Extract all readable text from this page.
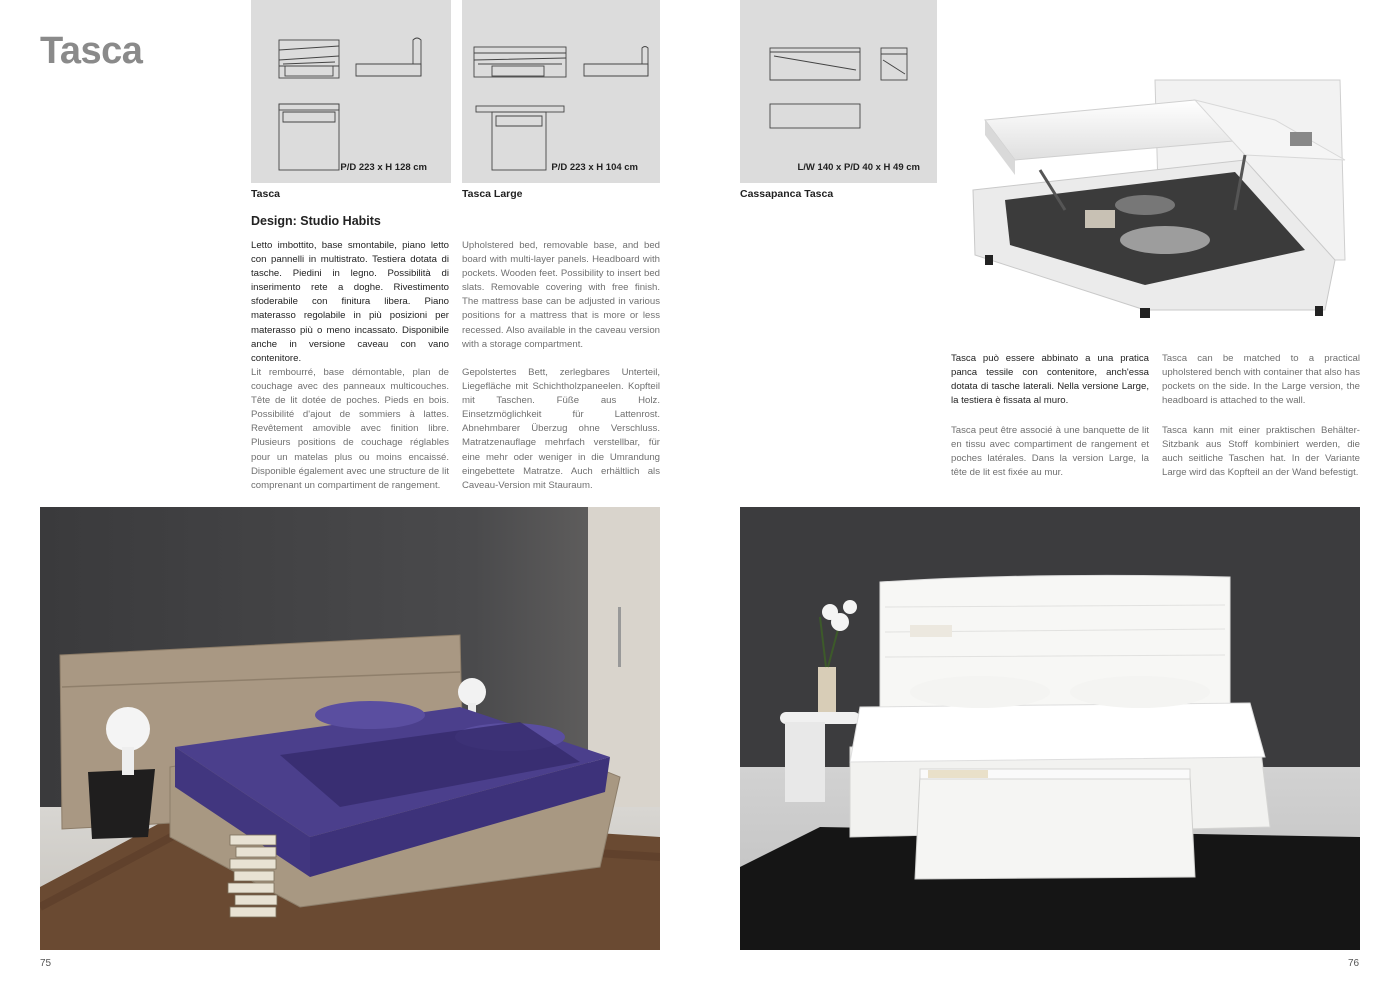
Tasca
P/D 223 x H 128 cm
Tasca
P/D 223 x H 104 cm
Tasca Large
L/W 140 x P/D 40 x H 49 cm
Cassapanca Tasca
Design: Studio Habits
Letto imbottito, base smontabile, piano letto con pannelli in multistrato. Testiera dotata di tasche. Piedini in legno. Possibilità di inserimento rete a doghe. Rivestimento sfoderabile con finitura libera. Piano materasso regolabile in più posizioni per materasso più o meno incassato. Disponibile anche in versione caveau con vano contenitore.
Upholstered bed, removable base, and bed board with multi-layer panels. Headboard with pockets. Wooden feet. Possibility to insert bed slats. Removable covering with free finish. The mattress base can be adjusted in various positions for a mattress that is more or less recessed. Also available in the caveau version with a storage compartment.
Lit rembourré, base démontable, plan de couchage avec des panneaux multicouches. Tête de lit dotée de poches. Pieds en bois. Possibilité d'ajout de sommiers à lattes. Revêtement amovible avec finition libre. Plusieurs positions de couchage réglables pour un matelas plus ou moins encaissé. Disponible également avec une structure de lit comprenant un compartiment de rangement.
Gepolstertes Bett, zerlegbares Unterteil, Liegefläche mit Schichtholzpaneelen. Kopfteil mit Taschen. Füße aus Holz. Einsetzmöglichkeit für Lattenrost. Abnehmbarer Überzug ohne Verschluss. Matratzenauflage mehrfach verstellbar, für eine mehr oder weniger in die Umrandung eingebettete Matratze. Auch erhältlich als Caveau-Version mit Stauraum.
Tasca può essere abbinato a una pratica panca tessile con contenitore, anch'essa dotata di tasche laterali. Nella versione Large, la testiera è fissata al muro.
Tasca can be matched to a practical upholstered bench with container that also has pockets on the side. In the Large version, the headboard is attached to the wall.
Tasca peut être associé à une banquette de lit en tissu avec compartiment de rangement et poches latérales. Dans la version Large, la tête de lit est fixée au mur.
Tasca kann mit einer praktischen Behälter-Sitzbank aus Stoff kombiniert werden, die auch seitliche Taschen hat. In der Variante Large wird das Kopfteil an der Wand befestigt.
75	76
